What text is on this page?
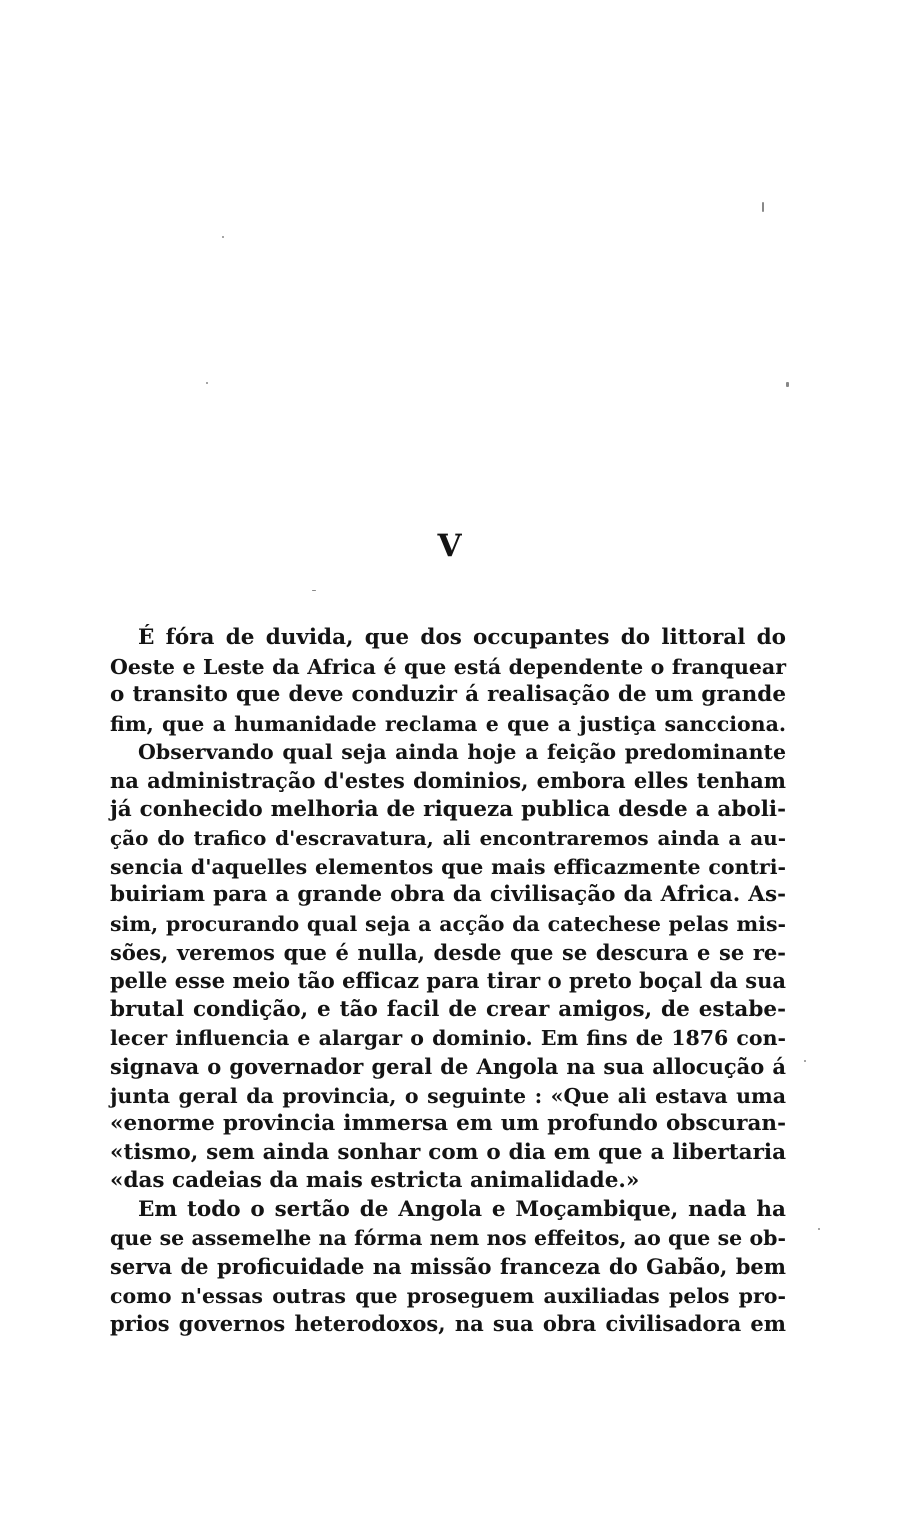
V
É fóra de duvida, que dos occupantes do littoral do
Oeste e Leste da Africa é que está dependente o franquear
o transito que deve conduzir á realisação de um grande
fim, que a humanidade reclama e que a justiça sancciona.
Observando qual seja ainda hoje a feição predominante
na administração d'estes dominios, embora elles tenham
já conhecido melhoria de riqueza publica desde a aboli-
ção do trafico d'escravatura, ali encontraremos ainda a au-
sencia d'aquelles elementos que mais efficazmente contri-
buiriam para a grande obra da civilisação da Africa. As-
sim, procurando qual seja a acção da catechese pelas mis-
sões, veremos que é nulla, desde que se descura e se re-
pelle esse meio tão efficaz para tirar o preto boçal da sua
brutal condição, e tão facil de crear amigos, de estabe-
lecer influencia e alargar o dominio. Em fins de 1876 con-
signava o governador geral de Angola na sua allocução á
junta geral da provincia, o seguinte : «Que ali estava uma
«enorme provincia immersa em um profundo obscuran-
«tismo, sem ainda sonhar com o dia em que a libertaria
«das cadeias da mais estricta animalidade.»
Em todo o sertão de Angola e Moçambique, nada ha
que se assemelhe na fórma nem nos effeitos, ao que se ob-
serva de proficuidade na missão franceza do Gabão, bem
como n'essas outras que proseguem auxiliadas pelos pro-
prios governos heterodoxos, na sua obra civilisadora em
